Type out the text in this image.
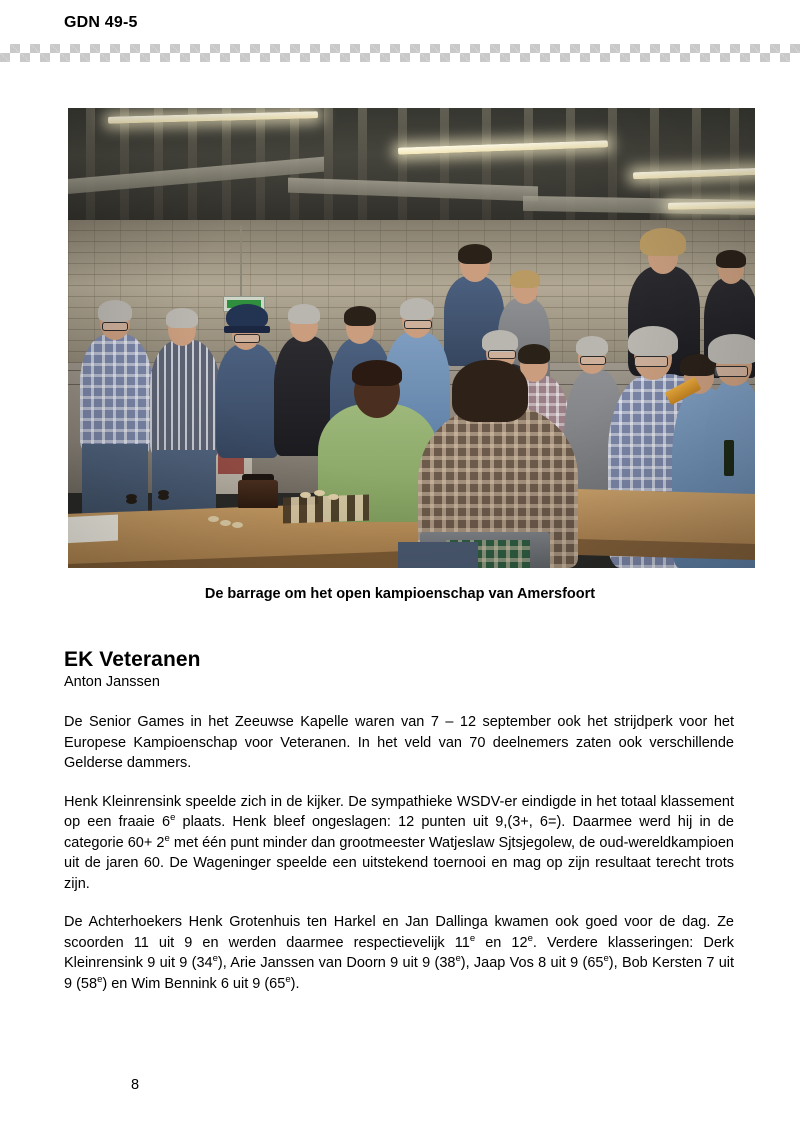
GDN 49-5
De barrage om het open kampioenschap van Amersfoort
EK Veteranen
Anton Janssen

De Senior Games in het Zeeuwse Kapelle waren van 7 – 12 september ook het strijdperk voor het Europese Kampioenschap voor Veteranen. In het veld van 70 deelnemers zaten ook verschillende Gelderse dammers.

Henk Kleinrensink speelde zich in de kijker. De sympathieke WSDV-er eindigde in het totaal klassement op een fraaie 6e plaats. Henk bleef ongeslagen: 12 punten uit 9,(3+, 6=). Daarmee werd hij in de categorie $60+ 2^e$ met één punt minder dan grootmeester Watjeslaw Sjtsjegolew, de oud-wereldkampioen uit de jaren 60. De Wageninger speelde een uitstekend toernooi en mag op zijn resultaat terecht trots zijn.

De Achterhoekers Henk Grotenhuis ten Harkel en Jan Dallinga kwamen ook goed voor de dag. Ze scoorden 11 uit 9 en werden daarmee respectievelijk 11e en 12e. Verdere klasseringen: Derk Kleinrensink 9 uit 9 (34e), Arie Janssen van Doorn 9 uit 9 (38e), Jaap Vos 8 uit 9 (65e), Bob Kersten 7 uit 9 (58e) en Wim Bennink 6 uit 9 (65e).

8
